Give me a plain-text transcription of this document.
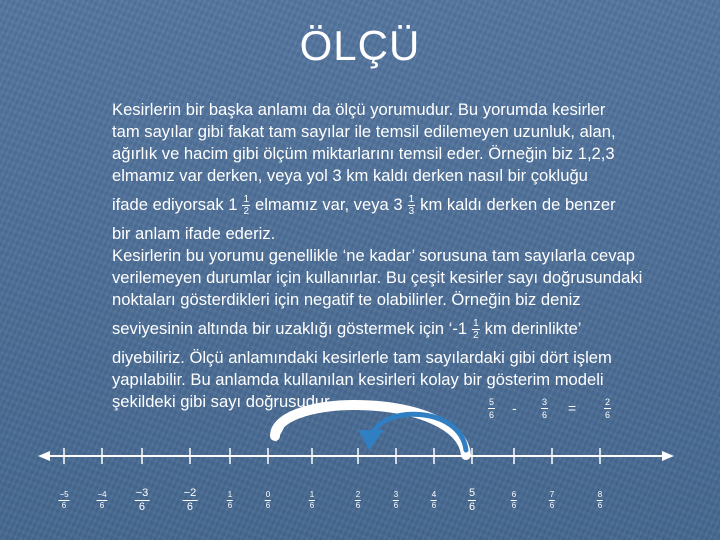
ÖLÇÜ
Kesirlerin bir başka anlamı da ölçü yorumudur. Bu yorumda kesirler
tam sayılar gibi fakat tam sayılar ile temsil edilemeyen uzunluk, alan,
ağırlık ve hacim gibi ölçüm miktarlarını temsil eder. Örneğin biz 1,2,3
elmamız var derken, veya yol 3 km kaldı derken nasıl bir çokluğu
ifade ediyorsak $1 \frac{1}{2}$ elmamız var, veya $3 \frac{1}{3}$ km kaldı derken de benzer
bir anlam ifade ederiz.
Kesirlerin bu yorumu genellikle ‘ne kadar’ sorusuna tam sayılarla cevap
verilemeyen durumlar için kullanırlar. Bu çeşit kesirler sayı doğrusundaki
noktaları gösterdikleri için negatif te olabilirler. Örneğin biz deniz
seviyesinin altında bir uzaklığı göstermek için ‘$-1 \frac{1}{2}$ km derinlikte’
diyebiliriz. Ölçü anlamındaki kesirlerle tam sayılardaki gibi dört işlem
yapılabilir. Bu anlamda kullanılan kesirleri kolay bir gösterim modeli
şekildeki gibi sayı doğrusudur.	$\frac{5}{6}$ -	$\frac{3}{6}$ =	$\frac{2}{6}$
$\frac{-5}{6}$	$\frac{-4}{6} \frac{-3}{6}$	$\frac{-2}{6}$	$\frac{1}{6}$	$\frac{0}{6}$	$\frac{1}{6}$	$\frac{2}{6}$	$\frac{3}{6}$	$\frac{4}{6}$	$\frac{5}{6}$	$\frac{6}{6}$	$\frac{7}{6}$	$\frac{8}{6}$
